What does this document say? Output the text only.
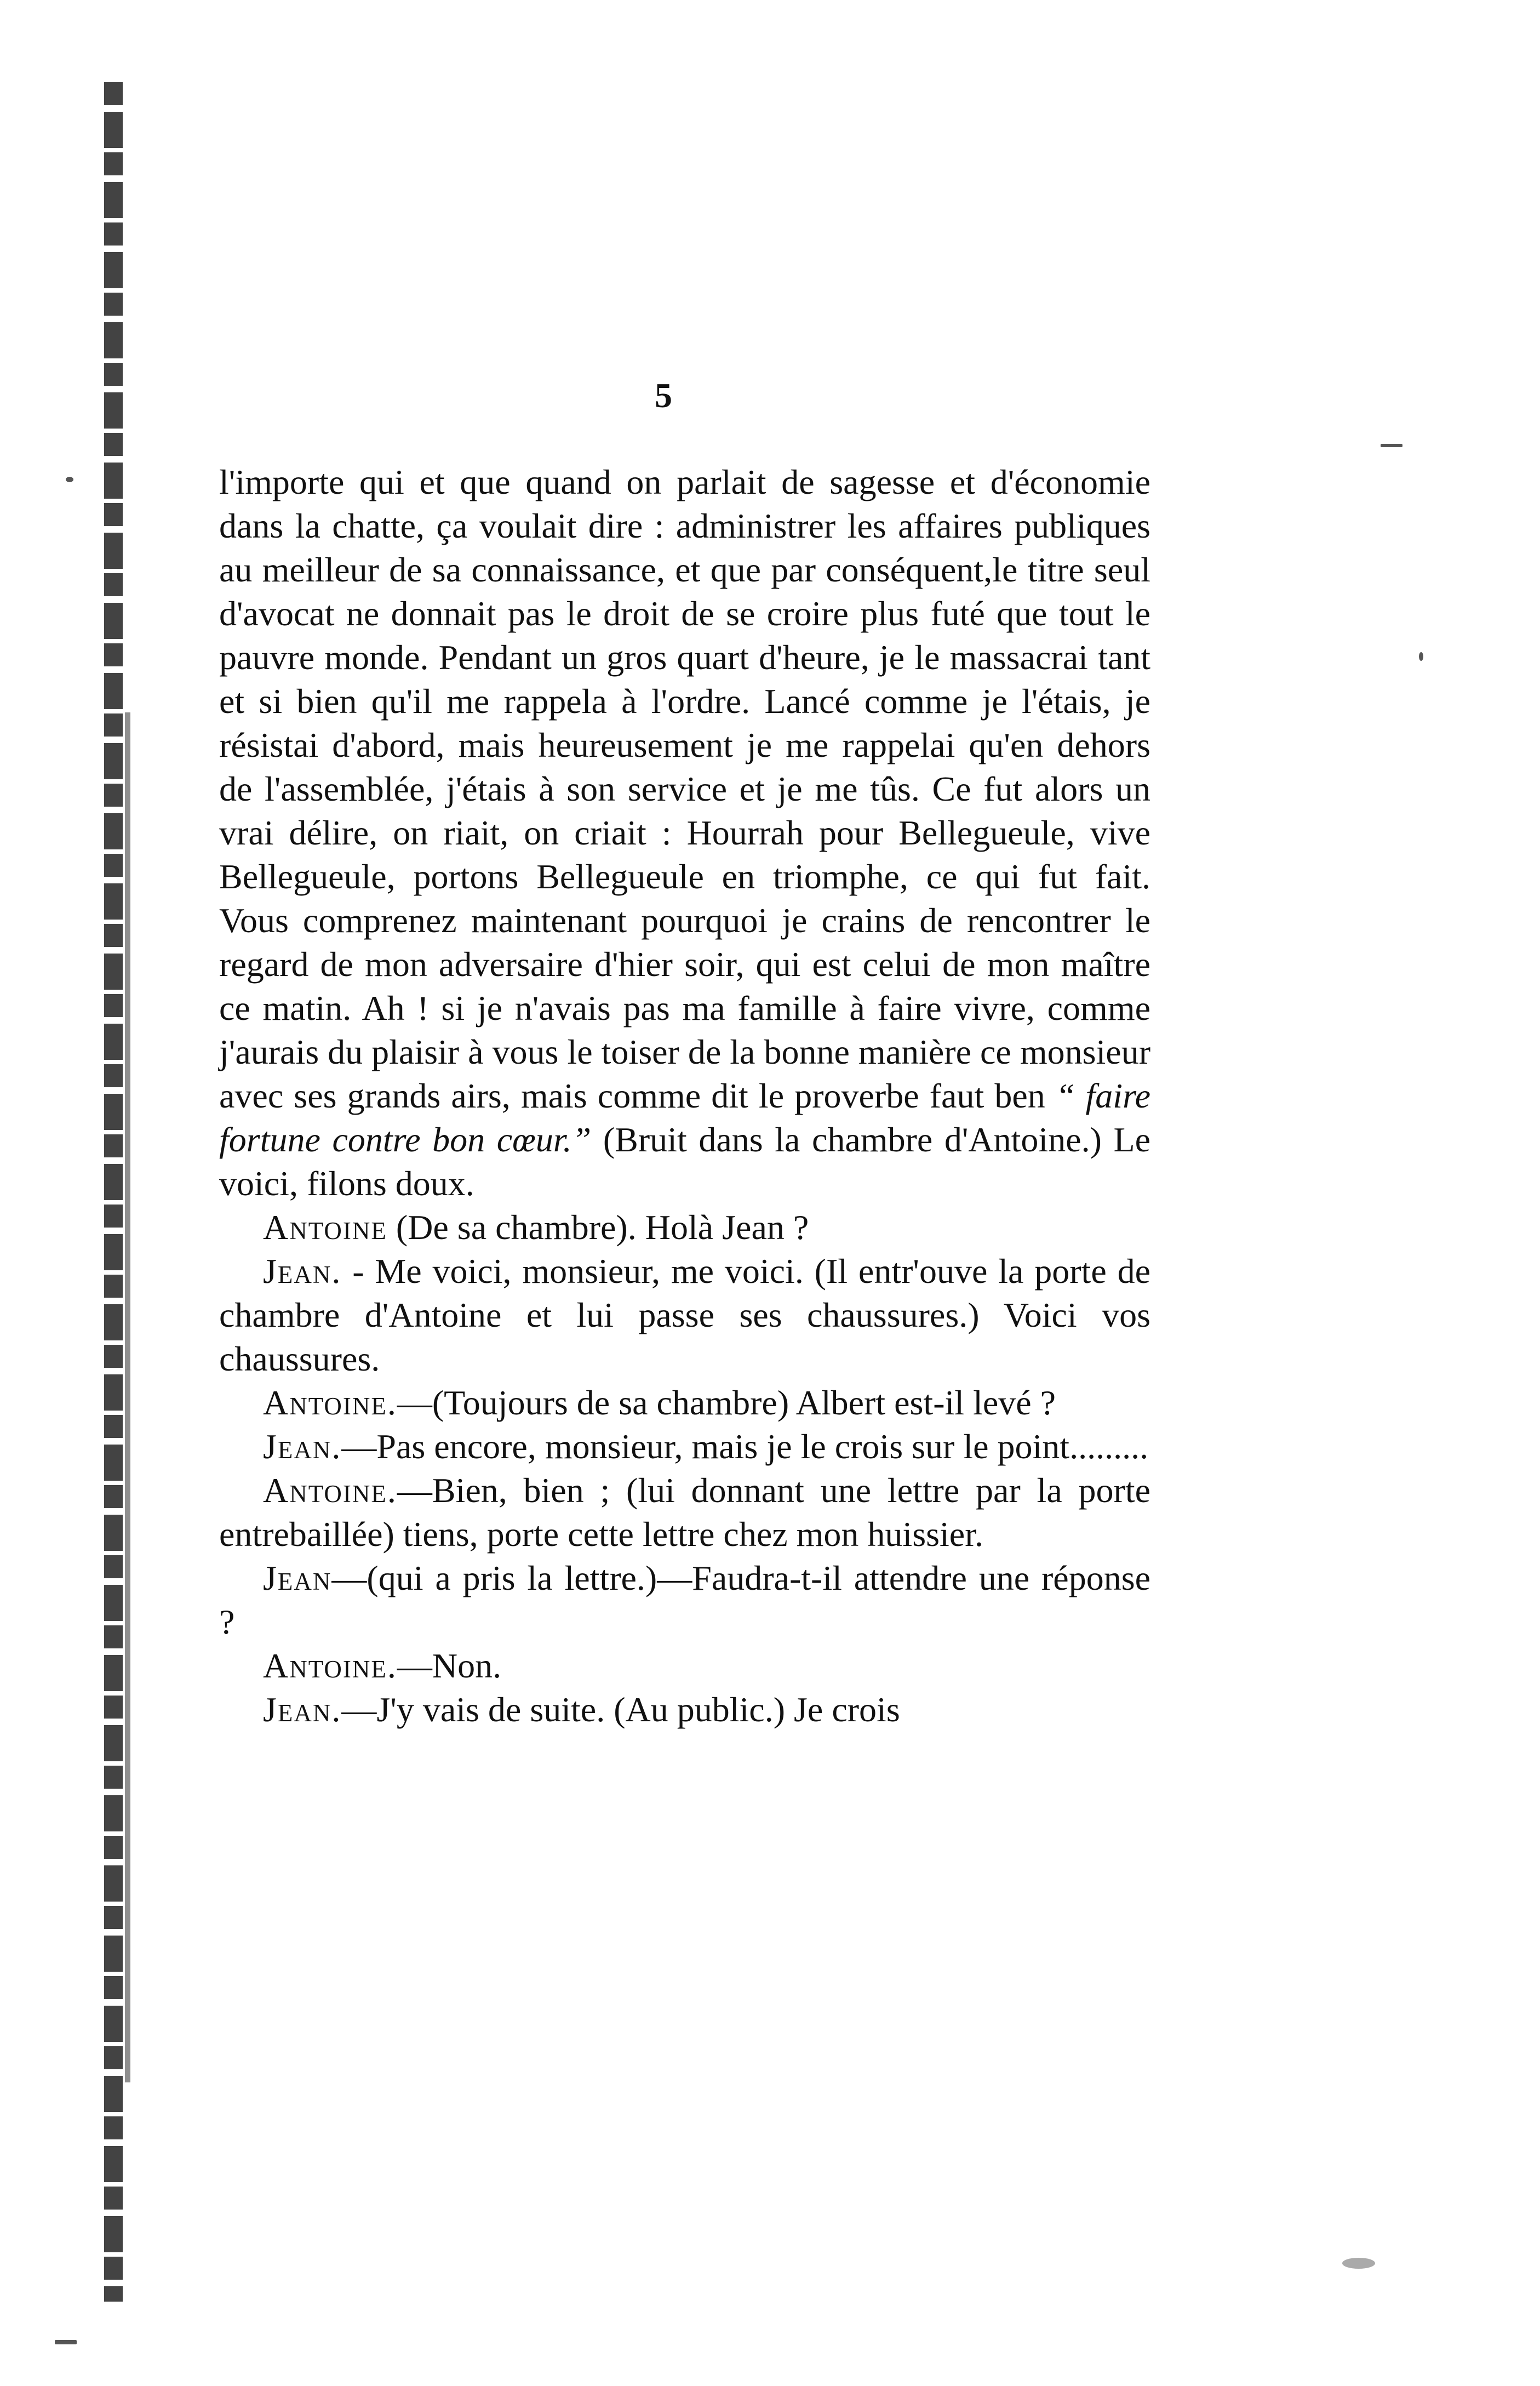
5

l'importe qui et que quand on parlait de sagesse et d'économie dans la chatte, ça voulait dire : administrer les affaires publiques au meilleur de sa connaissance, et que par conséquent,le titre seul d'avocat ne donnait pas le droit de se croire plus futé que tout le pauvre monde. Pendant un gros quart d'heure, je le massacrai tant et si bien qu'il me rappela à l'ordre. Lancé comme je l'étais, je résistai d'abord, mais heureusement je me rappelai qu'en dehors de l'assemblée, j'étais à son service et je me tûs. Ce fut alors un vrai délire, on riait, on criait : Hourrah pour Bellegueule, vive Bellegueule, portons Bellegueule en triomphe, ce qui fut fait. Vous comprenez maintenant pourquoi je crains de rencontrer le regard de mon adversaire d'hier soir, qui est celui de mon maître ce matin. Ah ! si je n'avais pas ma famille à faire vivre, comme j'aurais du plaisir à vous le toiser de la bonne manière ce monsieur avec ses grands airs, mais comme dit le proverbe faut ben “ faire fortune contre bon cœur.” (Bruit dans la chambre d'Antoine.) Le voici, filons doux.

Antoine (De sa chambre). Holà Jean ?

Jean. - Me voici, monsieur, me voici. (Il entr'ouve la porte de chambre d'Antoine et lui passe ses chaussures.) Voici vos chaussures.

Antoine.—(Toujours de sa chambre) Albert est-il levé ?

Jean.—Pas encore, monsieur, mais je le crois sur le point.........

Antoine.—Bien, bien ; (lui donnant une lettre par la porte entrebaillée) tiens, porte cette lettre chez mon huissier.

Jean—(qui a pris la lettre.)—Faudra-t-il attendre une réponse ?

Antoine.—Non.

Jean.—J'y vais de suite. (Au public.) Je crois
